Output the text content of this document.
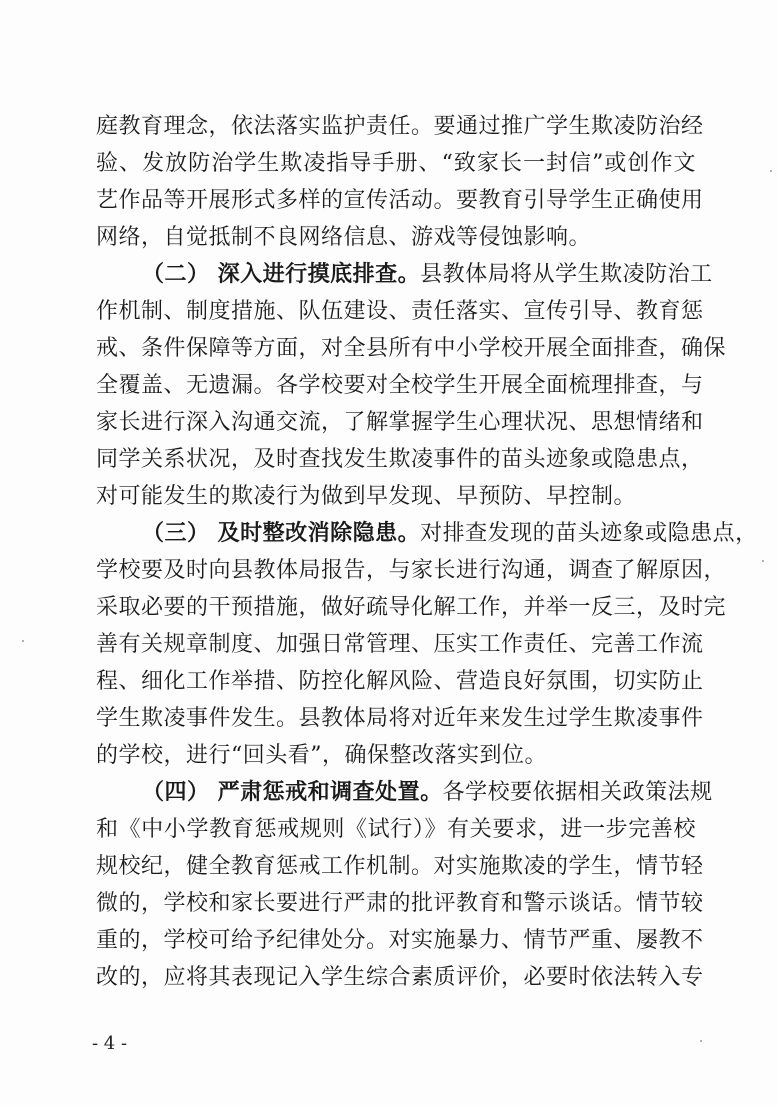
庭教育理念，依法落实监护责任。要通过推广学生欺凌防治经
验、发放防治学生欺凌指导手册、“致家长一封信”或创作文
艺作品等开展形式多样的宣传活动。要教育引导学生正确使用
网络，自觉抵制不良网络信息、游戏等侵蚀影响。
（二） 深入进行摸底排查。县教体局将从学生欺凌防治工
作机制、制度措施、队伍建设、责任落实、宣传引导、教育惩
戒、条件保障等方面，对全县所有中小学校开展全面排查，确保
全覆盖、无遗漏。各学校要对全校学生开展全面梳理排查，与
家长进行深入沟通交流，了解掌握学生心理状况、思想情绪和
同学关系状况，及时查找发生欺凌事件的苗头迹象或隐患点，
对可能发生的欺凌行为做到早发现、早预防、早控制。
（三） 及时整改消除隐患。对排查发现的苗头迹象或隐患点，
学校要及时向县教体局报告，与家长进行沟通，调查了解原因，
采取必要的干预措施，做好疏导化解工作，并举一反三，及时完
善有关规章制度、加强日常管理、压实工作责任、完善工作流
程、细化工作举措、防控化解风险、营造良好氛围，切实防止
学生欺凌事件发生。县教体局将对近年来发生过学生欺凌事件
的学校，进行“回头看”，确保整改落实到位。
（四） 严肃惩戒和调查处置。各学校要依据相关政策法规
和《中小学教育惩戒规则《试行）》有关要求，进一步完善校
规校纪，健全教育惩戒工作机制。对实施欺凌的学生，情节轻
微的，学校和家长要进行严肃的批评教育和警示谈话。情节较
重的，学校可给予纪律处分。对实施暴力、情节严重、屡教不
改的，应将其表现记入学生综合素质评价，必要时依法转入专
- 4 -
